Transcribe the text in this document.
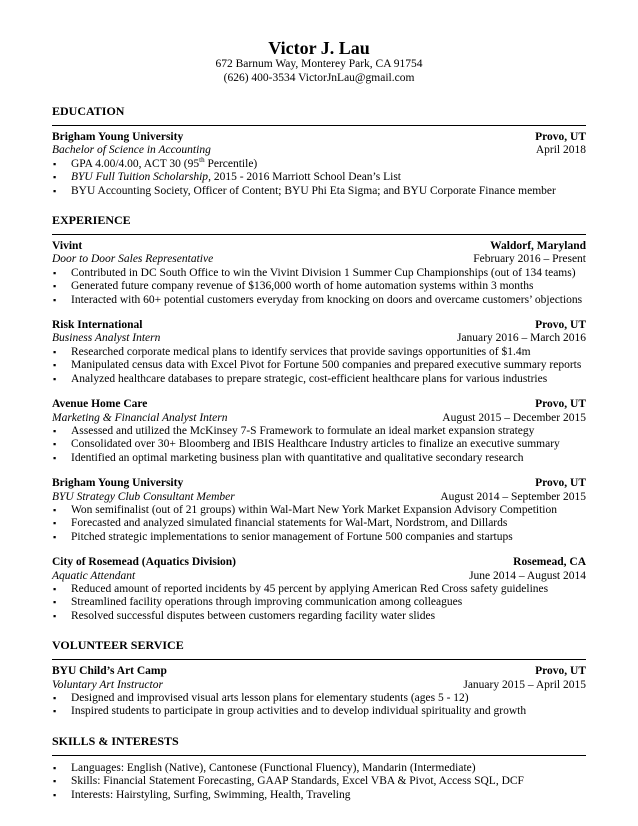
Victor J. Lau
672 Barnum Way, Monterey Park, CA 91754
(626) 400-3534 VictorJnLau@gmail.com
EDUCATION
Brigham Young University	Provo, UT
Bachelor of Science in Accounting	April 2018
▪ GPA 4.00/4.00, ACT 30 (95th Percentile)
▪ BYU Full Tuition Scholarship, 2015 - 2016 Marriott School Dean’s List
▪ BYU Accounting Society, Officer of Content; BYU Phi Eta Sigma; and BYU Corporate Finance member
EXPERIENCE
Vivint	Waldorf, Maryland
Door to Door Sales Representative	February 2016 – Present
▪ Contributed in DC South Office to win the Vivint Division 1 Summer Cup Championships (out of 134 teams)
▪ Generated future company revenue of $136,000 worth of home automation systems within 3 months
▪ Interacted with 60+ potential customers everyday from knocking on doors and overcame customers’ objections
Risk International	Provo, UT
Business Analyst Intern	January 2016 – March 2016
▪ Researched corporate medical plans to identify services that provide savings opportunities of $1.4m
▪ Manipulated census data with Excel Pivot for Fortune 500 companies and prepared executive summary reports
▪ Analyzed healthcare databases to prepare strategic, cost-efficient healthcare plans for various industries
Avenue Home Care	Provo, UT
Marketing & Financial Analyst Intern	August 2015 – December 2015
▪ Assessed and utilized the McKinsey 7-S Framework to formulate an ideal market expansion strategy
▪ Consolidated over 30+ Bloomberg and IBIS Healthcare Industry articles to finalize an executive summary
▪ Identified an optimal marketing business plan with quantitative and qualitative secondary research
Brigham Young University	Provo, UT
BYU Strategy Club Consultant Member	August 2014 – September 2015
▪ Won semifinalist (out of 21 groups) within Wal-Mart New York Market Expansion Advisory Competition
▪ Forecasted and analyzed simulated financial statements for Wal-Mart, Nordstrom, and Dillards
▪ Pitched strategic implementations to senior management of Fortune 500 companies and startups
City of Rosemead (Aquatics Division)	Rosemead, CA
Aquatic Attendant	June 2014 – August 2014
▪ Reduced amount of reported incidents by 45 percent by applying American Red Cross safety guidelines
▪ Streamlined facility operations through improving communication among colleagues
▪ Resolved successful disputes between customers regarding facility water slides
VOLUNTEER SERVICE
BYU Child’s Art Camp	Provo, UT
Voluntary Art Instructor	January 2015 – April 2015
▪ Designed and improvised visual arts lesson plans for elementary students (ages 5 - 12)
▪ Inspired students to participate in group activities and to develop individual spirituality and growth
SKILLS & INTERESTS
▪ Languages: English (Native), Cantonese (Functional Fluency), Mandarin (Intermediate)
▪ Skills: Financial Statement Forecasting, GAAP Standards, Excel VBA & Pivot, Access SQL, DCF
▪ Interests: Hairstyling, Surfing, Swimming, Health, Traveling
